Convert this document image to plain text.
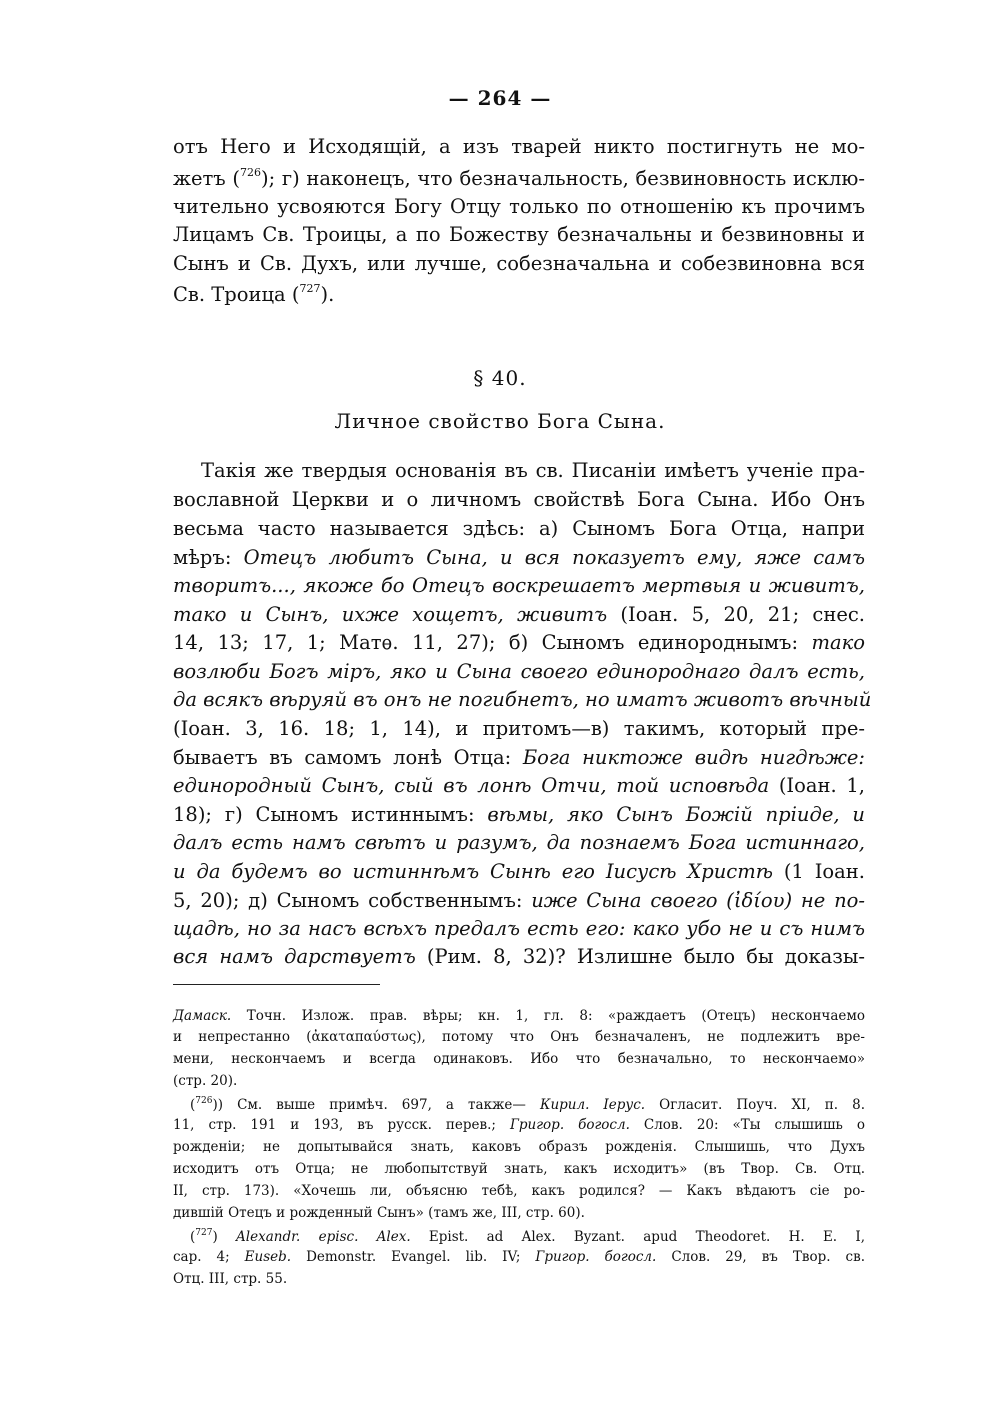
— 264 —
отъ Него и Исходящій, а изъ тварей никто постигнуть не мо-
жетъ ($^{726}$); г) наконецъ, что безначальность, безвиновность исклю-
чительно усвояются Богу Отцу только по отношенію къ прочимъ
Лицамъ Св. Троицы, а по Божеству безначальны и безвиновны и
Сынъ и Св. Духъ, или лучше, собезначальна и собезвиновна вся
Св. Троица ($^{727}$).
§ 40.
Личное свойство Бога Сына.
Такія же твердыя основанія въ св. Писаніи имѣетъ ученіе пра-
вославной Церкви и о личномъ свойствѣ Бога Сына. Ибо Онъ
весьма часто называется здѣсь: а) Сыномъ Бога Отца, напри
мѣръ: Отецъ любитъ Сына, и вся показуетъ ему, яже самъ
творитъ..., якоже бо Отецъ воскрешаетъ мертвыя и живитъ,
тако и Сынъ, ихже хощетъ, живитъ (Іоан. 5, 20, 21; снес.
14, 13; 17, 1; Матѳ. 11, 27); б) Сыномъ единороднымъ: тако
возлюби Богъ міръ, яко и Сына своего единороднаго далъ есть,
да всякъ вѣруяй въ онъ не погибнетъ, но иматъ животъ вѣчный
(Іоан. 3, 16. 18; 1, 14), и притомъ—в) такимъ, который пре-
бываетъ въ самомъ лонѣ Отца: Бога никтоже видѣ нигдѣже:
единородный Сынъ, сый въ лонѣ Отчи, той исповѣда (Іоан. 1,
18); г) Сыномъ истиннымъ: вѣмы, яко Сынъ Божій пріиде, и
далъ есть намъ свѣтъ и разумъ, да познаемъ Бога истиннаго,
и да будемъ во истиннѣмъ Сынѣ его Іисусѣ Христѣ (1 Іоан.
5, 20); д) Сыномъ собственнымъ: иже Сына своего (ἰδίου) не по-
щадѣ, но за насъ всѣхъ предалъ есть его: како убо не и съ нимъ
вся намъ дарствуетъ (Рим. 8, 32)? Излишне было бы доказы-
Дамаск. Точн. Излож. прав. вѣры; кн. 1, гл. 8: «раждаетъ (Отецъ) нескончаемо
и непрестанно (ἀκαταπαύστως), потому что Онъ безначаленъ, не подлежитъ вре-
мени, нескончаемъ и всегда одинаковъ. Ибо что безначально, то нескончаемо»
(стр. 20).
($^{726}$)) См. выше примѣч. 697, а также— Кирил. Іерус. Огласит. Поуч. XI, п. 8.
11, стр. 191 и 193, въ русск. перев.; Григор. богосл. Слов. 20: «Ты слышишь о
рожденіи; не допытывайся знать, каковъ образъ рожденія. Слышишь, что Духъ
исходитъ отъ Отца; не любопытствуй знать, какъ исходитъ» (въ Твор. Св. Отц.
II, стр. 173). «Хочешь ли, объясню тебѣ, какъ родился? — Какъ вѣдаютъ сіе ро-
дившій Отецъ и рожденный Сынъ» (тамъ же, III, стр. 60).
($^{727}$) Alexandr. episc. Alex. Epist. ad Alex. Byzant. apud Theodoret. H. E. I,
cap. 4; Euseb. Demonstr. Evangel. lib. IV; Григор. богосл. Слов. 29, въ Твор. св.
Отц. III, стр. 55.
